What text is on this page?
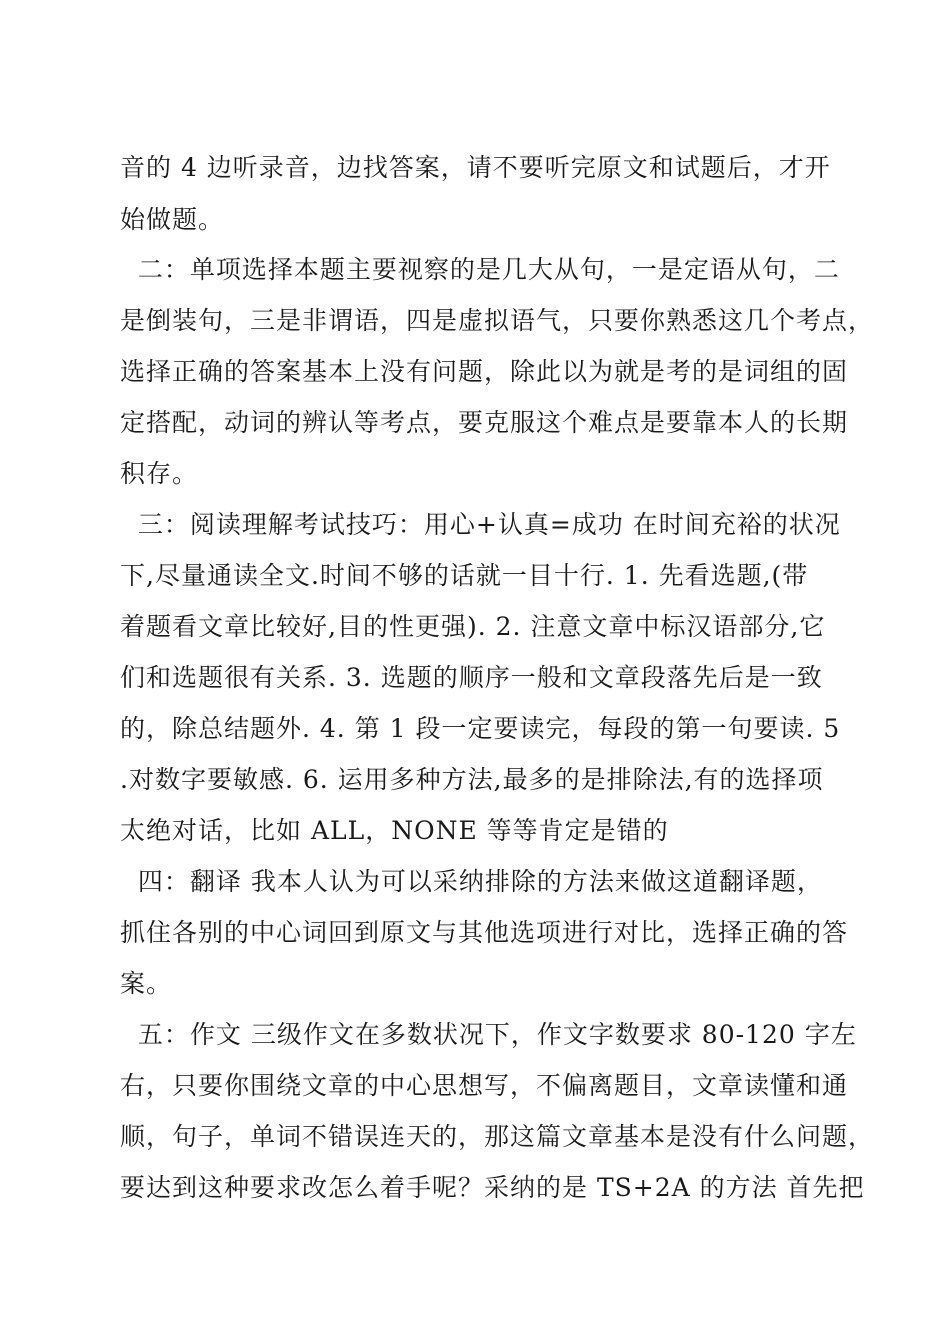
音的 4 边听录音，边找答案，请不要听完原文和试题后，才开
始做题。
二：单项选择本题主要视察的是几大从句，一是定语从句，二
是倒装句，三是非谓语，四是虚拟语气，只要你熟悉这几个考点，
选择正确的答案基本上没有问题，除此以为就是考的是词组的固
定搭配，动词的辨认等考点，要克服这个难点是要靠本人的长期
积存。
三：阅读理解考试技巧：用心+认真=成功 在时间充裕的状况
下,尽量通读全文.时间不够的话就一目十行. 1. 先看选题,(带
着题看文章比较好,目的性更强). 2. 注意文章中标汉语部分,它
们和选题很有关系. 3. 选题的顺序一般和文章段落先后是一致
的，除总结题外. 4. 第 1 段一定要读完，每段的第一句要读. 5
.对数字要敏感. 6. 运用多种方法,最多的是排除法,有的选择项
太绝对话，比如 ALL，NONE 等等肯定是错的
四：翻译 我本人认为可以采纳排除的方法来做这道翻译题，
抓住各别的中心词回到原文与其他选项进行对比，选择正确的答
案。
五：作文 三级作文在多数状况下，作文字数要求 80-120 字左
右，只要你围绕文章的中心思想写，不偏离题目，文章读懂和通
顺，句子，单词不错误连天的，那这篇文章基本是没有什么问题，
要达到这种要求改怎么着手呢？采纳的是 TS+2A 的方法 首先把
